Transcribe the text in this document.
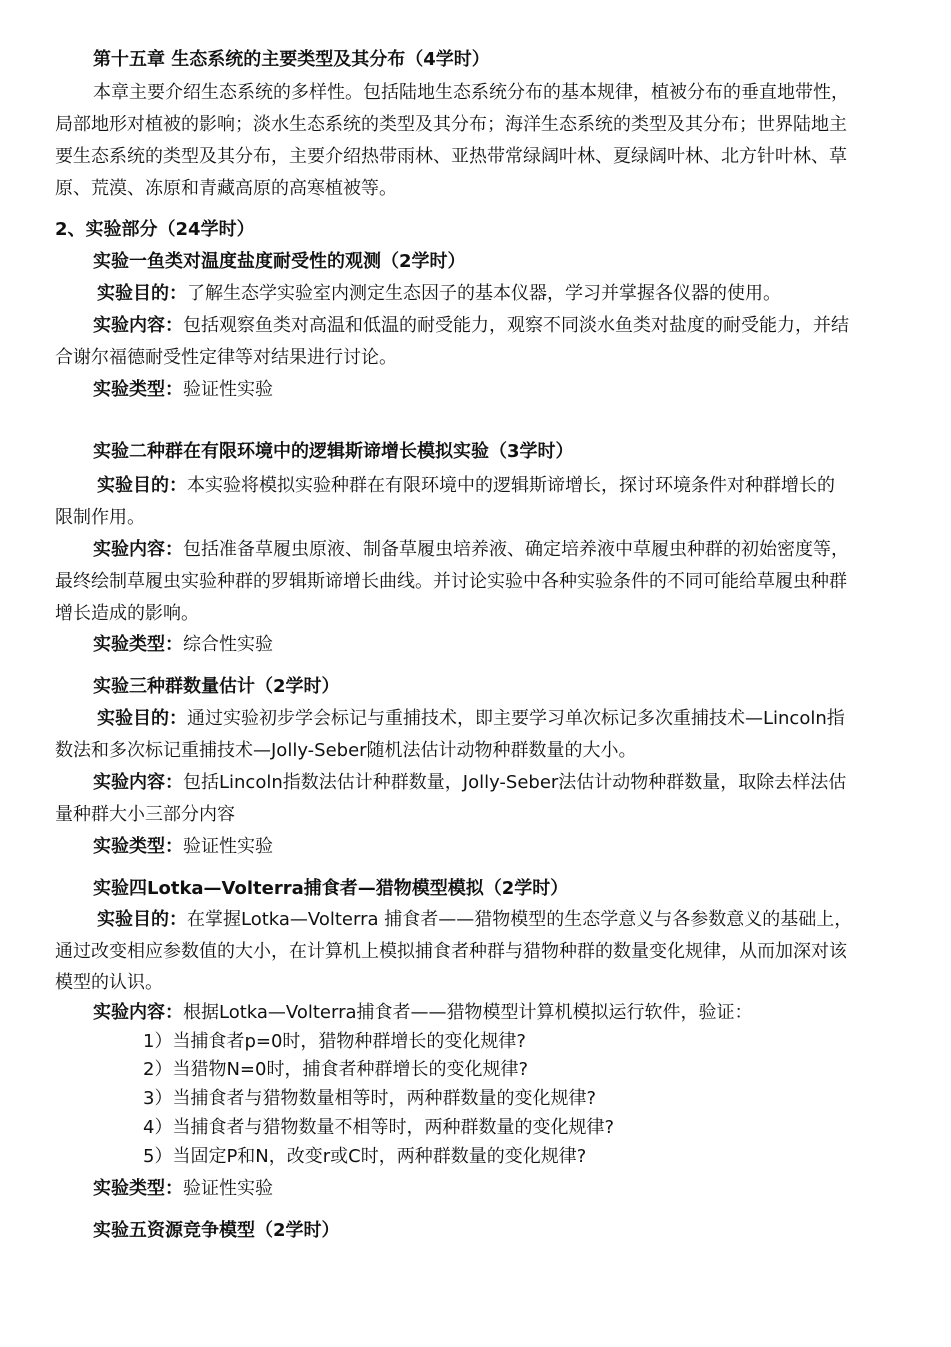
第十五章 生态系统的主要类型及其分布（4学时）
本章主要介绍生态系统的多样性。包括陆地生态系统分布的基本规律，植被分布的垂直地带性，
局部地形对植被的影响；淡水生态系统的类型及其分布；海洋生态系统的类型及其分布；世界陆地主
要生态系统的类型及其分布，主要介绍热带雨林、亚热带常绿阔叶林、夏绿阔叶林、北方针叶林、草
原、荒漠、冻原和青藏高原的高寒植被等。
2、实验部分（24学时）
实验一鱼类对温度盐度耐受性的观测（2学时）
实验目的：了解生态学实验室内测定生态因子的基本仪器，学习并掌握各仪器的使用。
实验内容：包括观察鱼类对高温和低温的耐受能力，观察不同淡水鱼类对盐度的耐受能力，并结
合谢尔福德耐受性定律等对结果进行讨论。
实验类型：验证性实验
实验二种群在有限环境中的逻辑斯谛增长模拟实验（3学时）
实验目的：本实验将模拟实验种群在有限环境中的逻辑斯谛增长，探讨环境条件对种群增长的
限制作用。
实验内容：包括准备草履虫原液、制备草履虫培养液、确定培养液中草履虫种群的初始密度等，
最终绘制草履虫实验种群的罗辑斯谛增长曲线。并讨论实验中各种实验条件的不同可能给草履虫种群
增长造成的影响。
实验类型：综合性实验
实验三种群数量估计（2学时）
实验目的：通过实验初步学会标记与重捕技术，即主要学习单次标记多次重捕技术—Lincoln指
数法和多次标记重捕技术—Jolly-Seber随机法估计动物种群数量的大小。
实验内容：包括Lincoln指数法估计种群数量，Jolly-Seber法估计动物种群数量，取除去样法估
量种群大小三部分内容
实验类型：验证性实验
实验四Lotka—Volterra捕食者—猎物模型模拟（2学时）
实验目的：在掌握Lotka—Volterra 捕食者——猎物模型的生态学意义与各参数意义的基础上，
通过改变相应参数值的大小，在计算机上模拟捕食者种群与猎物种群的数量变化规律，从而加深对该
模型的认识。
实验内容：根据Lotka—Volterra捕食者——猎物模型计算机模拟运行软件，验证：
1）当捕食者p=0时，猎物种群增长的变化规律?
2）当猎物N=0时，捕食者种群增长的变化规律?
3）当捕食者与猎物数量相等时，两种群数量的变化规律?
4）当捕食者与猎物数量不相等时，两种群数量的变化规律?
5）当固定P和N，改变r或C时，两种群数量的变化规律?
实验类型：验证性实验
实验五资源竞争模型（2学时）
